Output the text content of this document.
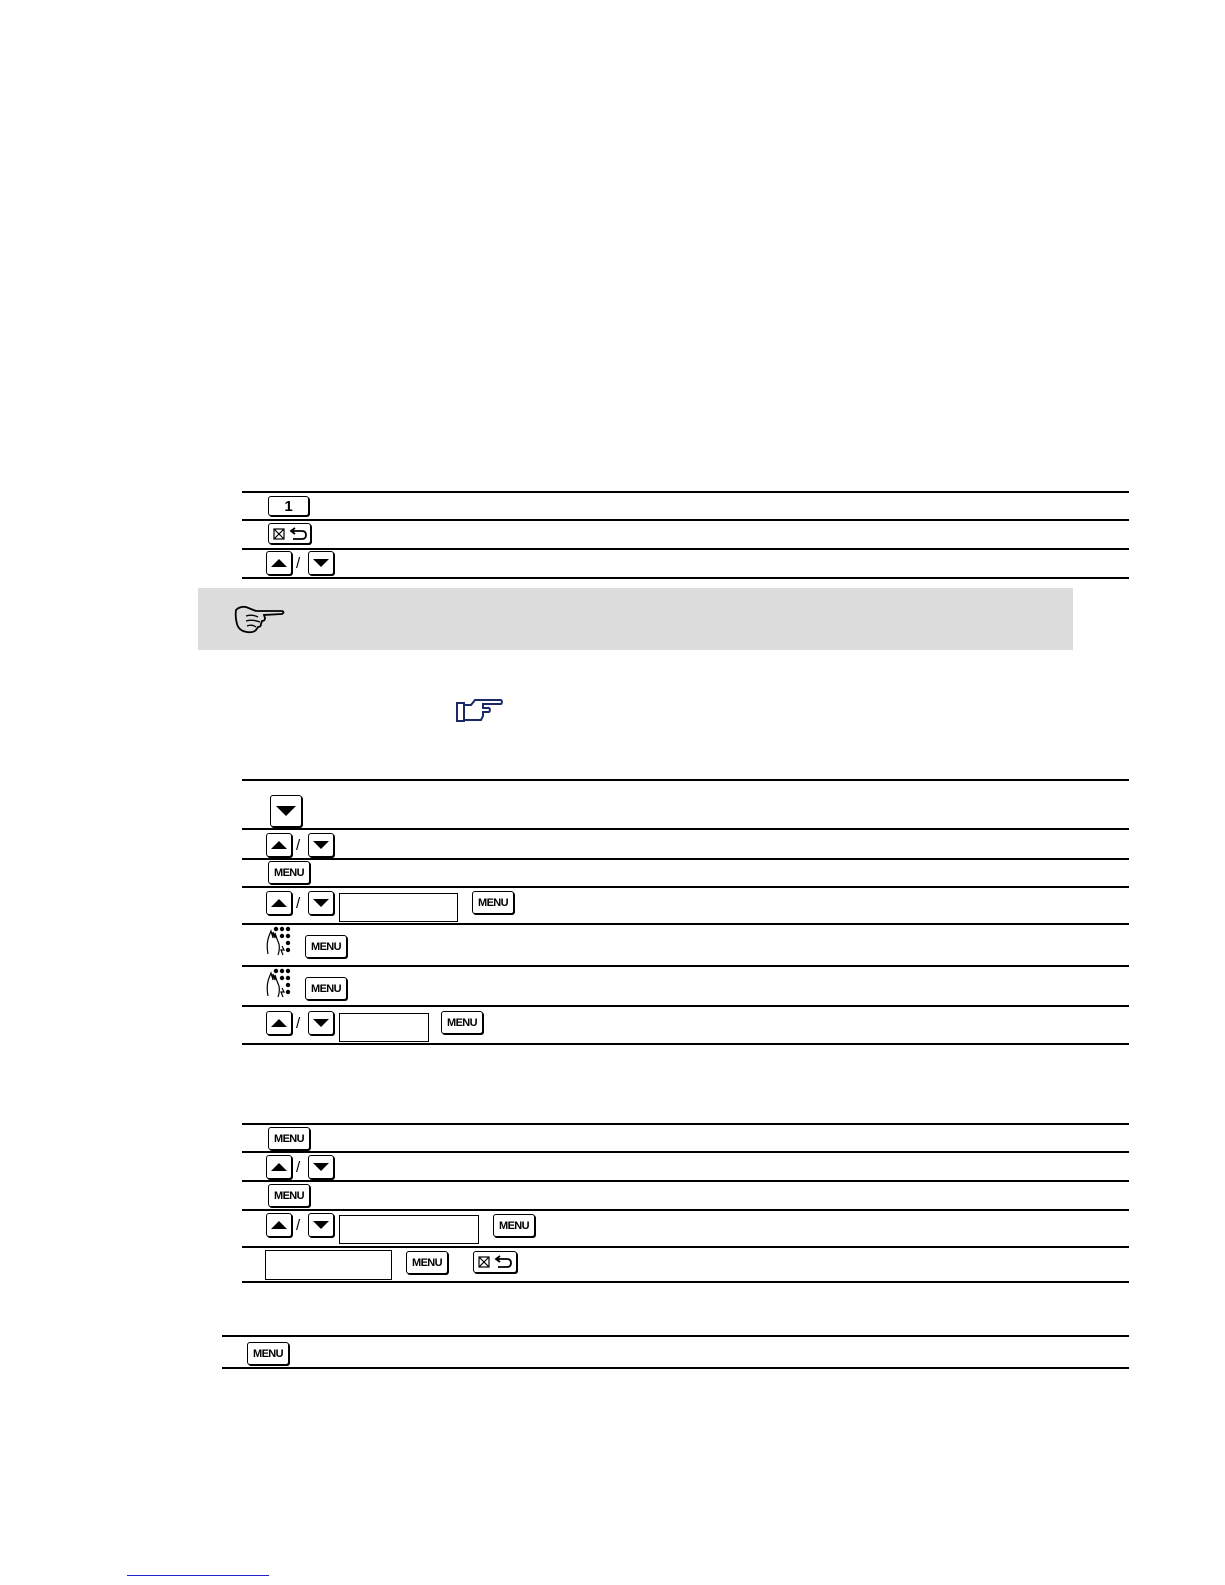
1
/
/
MENU
/	MENU
MENU
MENU
/	MENU
MENU
/
MENU
/	MENU
MENU
MENU
